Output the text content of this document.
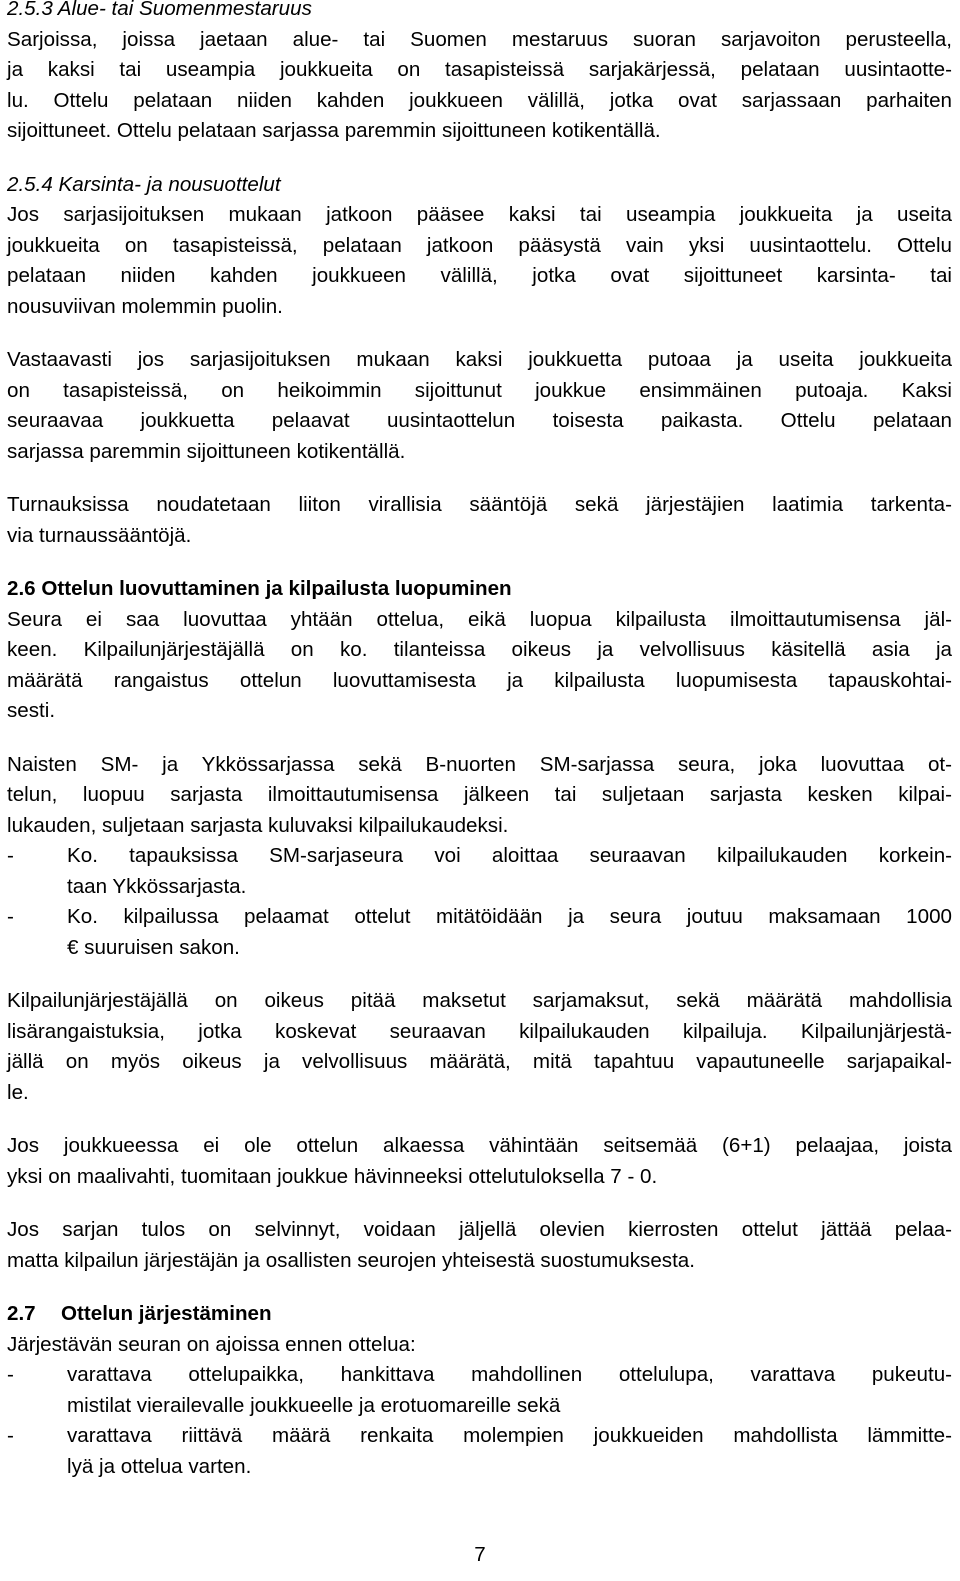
2.5.3 Alue- tai Suomenmestaruus
Sarjoissa, joissa jaetaan alue- tai Suomen mestaruus suoran sarjavoiton perusteella,
ja kaksi tai useampia joukkueita on tasapisteissä sarjakärjessä, pelataan uusintaotte-
lu. Ottelu pelataan niiden kahden joukkueen välillä, jotka ovat sarjassaan parhaiten
sijoittuneet. Ottelu pelataan sarjassa paremmin sijoittuneen kotikentällä.
2.5.4 Karsinta- ja nousuottelut
Jos sarjasijoituksen mukaan jatkoon pääsee kaksi tai useampia joukkueita ja useita
joukkueita on tasapisteissä, pelataan jatkoon pääsystä vain yksi uusintaottelu. Ottelu
pelataan niiden kahden joukkueen välillä, jotka ovat sijoittuneet karsinta- tai
nousuviivan molemmin puolin.
Vastaavasti jos sarjasijoituksen mukaan kaksi joukkuetta putoaa ja useita joukkueita
on tasapisteissä, on heikoimmin sijoittunut joukkue ensimmäinen putoaja. Kaksi
seuraavaa joukkuetta pelaavat uusintaottelun toisesta paikasta. Ottelu pelataan
sarjassa paremmin sijoittuneen kotikentällä.
Turnauksissa noudatetaan liiton virallisia sääntöjä sekä järjestäjien laatimia tarkenta-
via turnaussääntöjä.
2.6 Ottelun luovuttaminen ja kilpailusta luopuminen
Seura ei saa luovuttaa yhtään ottelua, eikä luopua kilpailusta ilmoittautumisensa jäl-
keen. Kilpailunjärjestäjällä on ko. tilanteissa oikeus ja velvollisuus käsitellä asia ja
määrätä rangaistus ottelun luovuttamisesta ja kilpailusta luopumisesta tapauskohtai-
sesti.
Naisten SM- ja Ykkössarjassa sekä B-nuorten SM-sarjassa seura, joka luovuttaa ot-
telun, luopuu sarjasta ilmoittautumisensa jälkeen tai suljetaan sarjasta kesken kilpai-
lukauden, suljetaan sarjasta kuluvaksi kilpailukaudeksi.
-	Ko. tapauksissa SM-sarjaseura voi aloittaa seuraavan kilpailukauden korkein-
taan Ykkössarjasta.
-	Ko. kilpailussa pelaamat ottelut mitätöidään ja seura joutuu maksamaan 1000
€ suuruisen sakon.
Kilpailunjärjestäjällä on oikeus pitää maksetut sarjamaksut, sekä määrätä mahdollisia
lisärangaistuksia, jotka koskevat seuraavan kilpailukauden kilpailuja. Kilpailunjärjestä-
jällä on myös oikeus ja velvollisuus määrätä, mitä tapahtuu vapautuneelle sarjapaikal-
le.
Jos joukkueessa ei ole ottelun alkaessa vähintään seitsemää (6+1) pelaajaa, joista
yksi on maalivahti, tuomitaan joukkue hävinneeksi ottelutuloksella 7 - 0.
Jos sarjan tulos on selvinnyt, voidaan jäljellä olevien kierrosten ottelut jättää pelaa-
matta kilpailun järjestäjän ja osallisten seurojen yhteisestä suostumuksesta.
2.7 Ottelun järjestäminen
Järjestävän seuran on ajoissa ennen ottelua:
-	varattava ottelupaikka, hankittava mahdollinen ottelulupa, varattava pukeutu-
mistilat vierailevalle joukkueelle ja erotuomareille sekä
-	varattava riittävä määrä renkaita molempien joukkueiden mahdollista lämmitte-
lyä ja ottelua varten.
7
